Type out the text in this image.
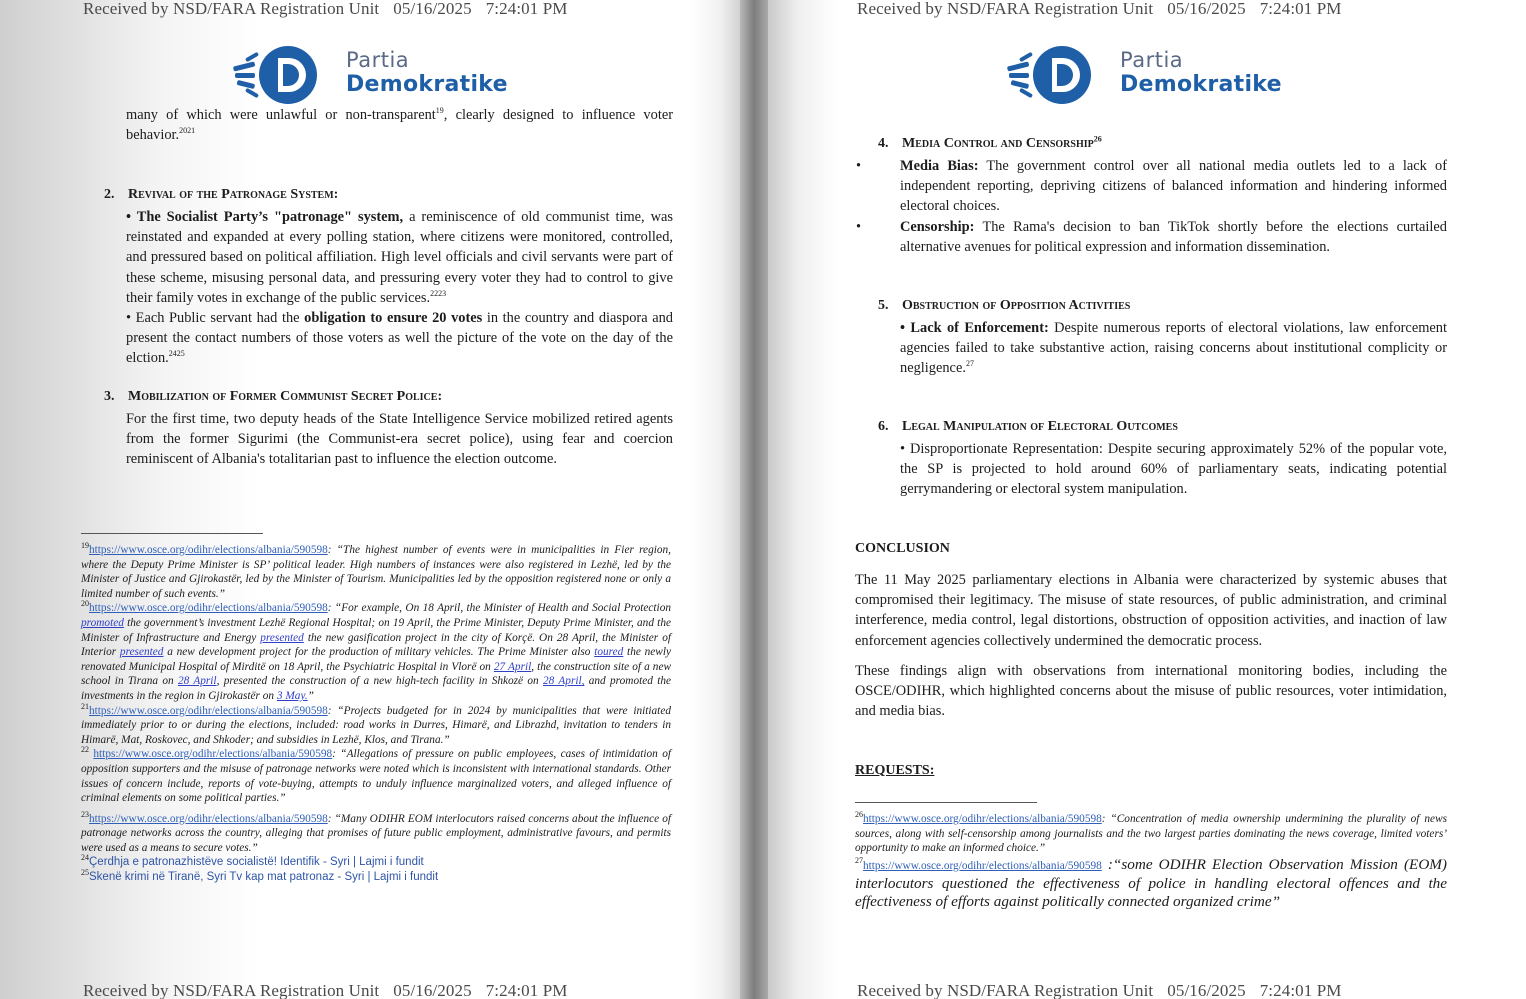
Received by NSD/FARA Registration Unit 05/16/2025 7:24:01 PM
Partia
Demokratike

many of which were unlawful or non-transparent$^{19}$, clearly designed to influence voter behavior.$^{2021}$

2. Revival of the Patronage System:

• The Socialist Party’s "patronage" system, a reminiscence of old communist time, was reinstated and expanded at every polling station, where citizens were monitored, controlled, and pressured based on political affiliation. High level officials and civil servants were part of these scheme, misusing personal data, and pressuring every voter they had to control to give their family votes in exchange of the public services.$^{2223}$

• Each Public servant had the obligation to ensure 20 votes in the country and diaspora and present the contact numbers of those voters as well the picture of the vote on the day of the elction.$^{2425}$

3. Mobilization of Former Communist Secret Police:

For the first time, two deputy heads of the State Intelligence Service mobilized retired agents from the former Sigurimi (the Communist-era secret police), using fear and coercion reminiscent of Albania's totalitarian past to influence the election outcome.

$^{19}$https://www.osce.org/odihr/elections/albania/590598: “The highest number of events were in municipalities in Fier region, where the Deputy Prime Minister is SP’ political leader. High numbers of instances were also registered in Lezhë, led by the Minister of Justice and Gjirokastër, led by the Minister of Tourism. Municipalities led by the opposition registered none or only a limited number of such events.”

$^{20}$https://www.osce.org/odihr/elections/albania/590598: “For example, On 18 April, the Minister of Health and Social Protection promoted the government’s investment Lezhë Regional Hospital; on 19 April, the Prime Minister, Deputy Prime Minister, and the Minister of Infrastructure and Energy presented the new gasification project in the city of Korçë. On 28 April, the Minister of Interior presented a new development project for the production of military vehicles. The Prime Minister also toured the newly renovated Municipal Hospital of Mirditë on 18 April, the Psychiatric Hospital in Vlorë on 27 April, the construction site of a new school in Tirana on 28 April, presented the construction of a new high-tech facility in Shkozë on 28 April, and promoted the investments in the region in Gjirokastër on 3 May.”

$^{21}$https://www.osce.org/odihr/elections/albania/590598: “Projects budgeted for in 2024 by municipalities that were initiated immediately prior to or during the elections, included: road works in Durres, Himarë, and Librazhd, invitation to tenders in Himarë, Mat, Roskovec, and Shkoder; and subsidies in Lezhë, Klos, and Tirana.”

$^{22}$ https://www.osce.org/odihr/elections/albania/590598: “Allegations of pressure on public employees, cases of intimidation of opposition supporters and the misuse of patronage networks were noted which is inconsistent with international standards. Other issues of concern include, reports of vote-buying, attempts to unduly influence marginalized voters, and alleged influence of criminal elements on some political parties.”

$^{23}$https://www.osce.org/odihr/elections/albania/590598: “Many ODIHR EOM interlocutors raised concerns about the influence of patronage networks across the country, alleging that promises of future public employment, administrative favours, and permits were used as a means to secure votes.”

$^{24}$Çerdhja e patronazhistëve socialistë! Identifik - Syri | Lajmi i fundit

$^{25}$Skenë krimi në Tiranë, Syri Tv kap mat patronaz - Syri | Lajmi i fundit

Received by NSD/FARA Registration Unit 05/16/2025 7:24:01 PM
Received by NSD/FARA Registration Unit 05/16/2025 7:24:01 PM
Partia
Demokratike
4. Media Control and Censorship$^{26}$

•	Media Bias: The government control over all national media outlets led to a lack of independent reporting, depriving citizens of balanced information and hindering informed electoral choices.

•	Censorship: The Rama's decision to ban TikTok shortly before the elections curtailed alternative avenues for political expression and information dissemination.

5. Obstruction of Opposition Activities

• Lack of Enforcement: Despite numerous reports of electoral violations, law enforcement agencies failed to take substantive action, raising concerns about institutional complicity or negligence.$^{27}$

6. Legal Manipulation of Electoral Outcomes

• Disproportionate Representation: Despite securing approximately 52% of the popular vote, the SP is projected to hold around 60% of parliamentary seats, indicating potential gerrymandering or electoral system manipulation.

CONCLUSION

The 11 May 2025 parliamentary elections in Albania were characterized by systemic abuses that compromised their legitimacy. The misuse of state resources, of public administration, and criminal interference, media control, legal distortions, obstruction of opposition activities, and inaction of law enforcement agencies collectively undermined the democratic process.

These findings align with observations from international monitoring bodies, including the OSCE/ODIHR, which highlighted concerns about the misuse of public resources, voter intimidation, and media bias.

REQUESTS:

$^{26}$https://www.osce.org/odihr/elections/albania/590598: “Concentration of media ownership undermining the plurality of news sources, along with self-censorship among journalists and the two largest parties dominating the news coverage, limited voters’ opportunity to make an informed choice.”

$^{27}$https://www.osce.org/odihr/elections/albania/590598 :“some ODIHR Election Observation Mission (EOM) interlocutors questioned the effectiveness of police in handling electoral offences and the effectiveness of efforts against politically connected organized crime”

Received by NSD/FARA Registration Unit 05/16/2025 7:24:01 PM
